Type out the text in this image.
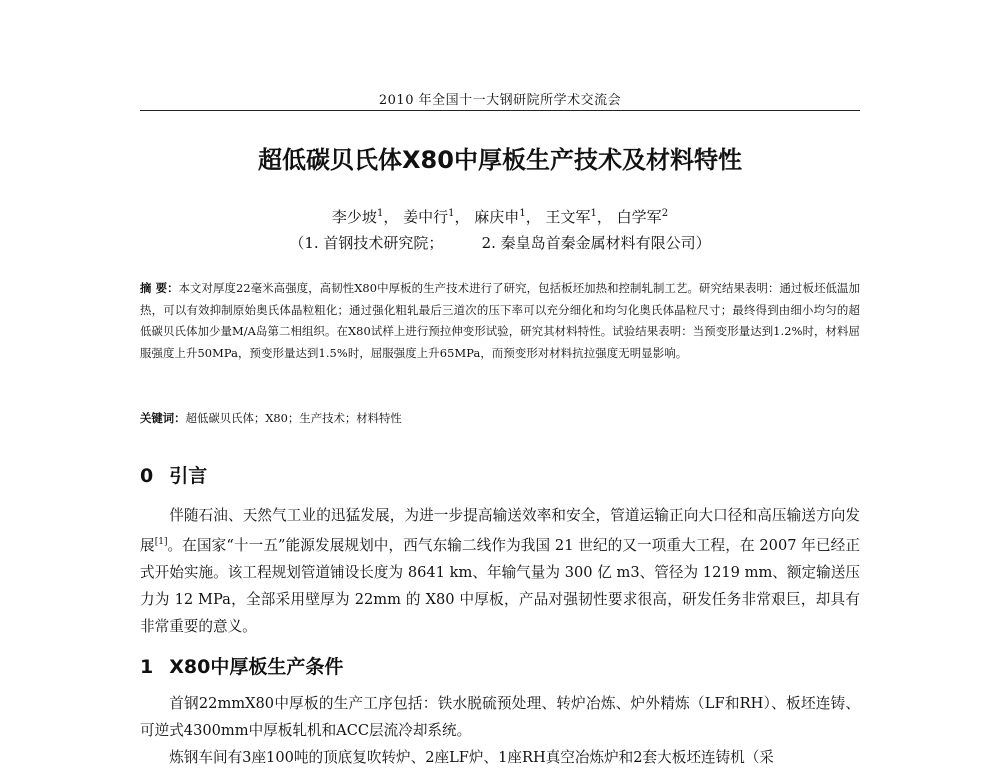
2010 年全国十一大钢研院所学术交流会
超低碳贝氏体X80中厚板生产技术及材料特性
李少坡$^1$， 姜中行$^1$， 麻庆申$^1$， 王文军$^1$， 白学军$^2$
（1. 首钢技术研究院；        2. 秦皇岛首秦金属材料有限公司）
摘 要：本文对厚度22毫米高强度，高韧性X80中厚板的生产技术进行了研究，包括板坯加热和控制轧制工艺。研究结果表明：通过板坯低温加热，可以有效抑制原始奥氏体晶粒粗化；通过强化粗轧最后三道次的压下率可以充分细化和均匀化奥氏体晶粒尺寸；最终得到由细小均匀的超低碳贝氏体加少量M/A岛第二相组织。在X80试样上进行预拉伸变形试验，研究其材料特性。试验结果表明：当预变形量达到1.2%时，材料屈服强度上升50MPa，预变形量达到1.5%时，屈服强度上升65MPa，而预变形对材料抗拉强度无明显影响。
关键词：超低碳贝氏体；X80；生产技术；材料特性
0 引言
伴随石油、天然气工业的迅猛发展，为进一步提高输送效率和安全，管道运输正向大口径和高压输送方向发展[1]。在国家“十一五”能源发展规划中，西气东输二线作为我国 21 世纪的又一项重大工程，在 2007 年已经正式开始实施。该工程规划管道铺设长度为 8641 km、年输气量为 300 亿 m3、管径为 1219 mm、额定输送压力为 12 MPa，全部采用壁厚为 22mm 的 X80 中厚板，产品对强韧性要求很高，研发任务非常艰巨，却具有非常重要的意义。
1 X80中厚板生产条件
首钢22mmX80中厚板的生产工序包括：铁水脱硫预处理、转炉冶炼、炉外精炼（LF和RH）、板坯连铸、可逆式4300mm中厚板轧机和ACC层流冷却系统。
炼钢车间有3座100吨的顶底复吹转炉、2座LF炉、1座RH真空冶炼炉和2套大板坯连铸机（采
